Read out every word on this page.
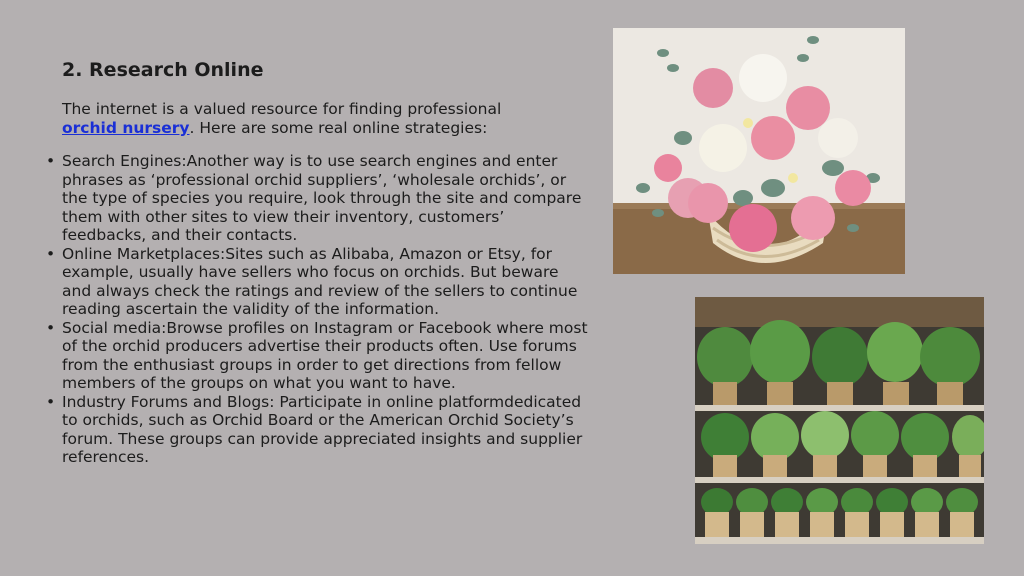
2. Research Online
The internet is a valued resource for finding professional
orchid nursery. Here are some real online strategies:
• Search Engines:Another way is to use search engines and enter phrases as ‘professional orchid suppliers’, ‘wholesale orchids’, or the type of species you require, look through the site and compare them with other sites to view their inventory, customers’ feedbacks, and their contacts.
• Online Marketplaces:Sites such as Alibaba, Amazon or Etsy, for example, usually have sellers who focus on orchids. But beware and always check the ratings and review of the sellers to continue reading ascertain the validity of the information.
• Social media:Browse profiles on Instagram or Facebook where most of the orchid producers advertise their products often. Use forums from the enthusiast groups in order to get directions from fellow members of the groups on what you want to have.
• Industry Forums and Blogs: Participate in online platformdedicated to orchids, such as Orchid Board or the American Orchid Society’s forum. These groups can provide appreciated insights and supplier references.
